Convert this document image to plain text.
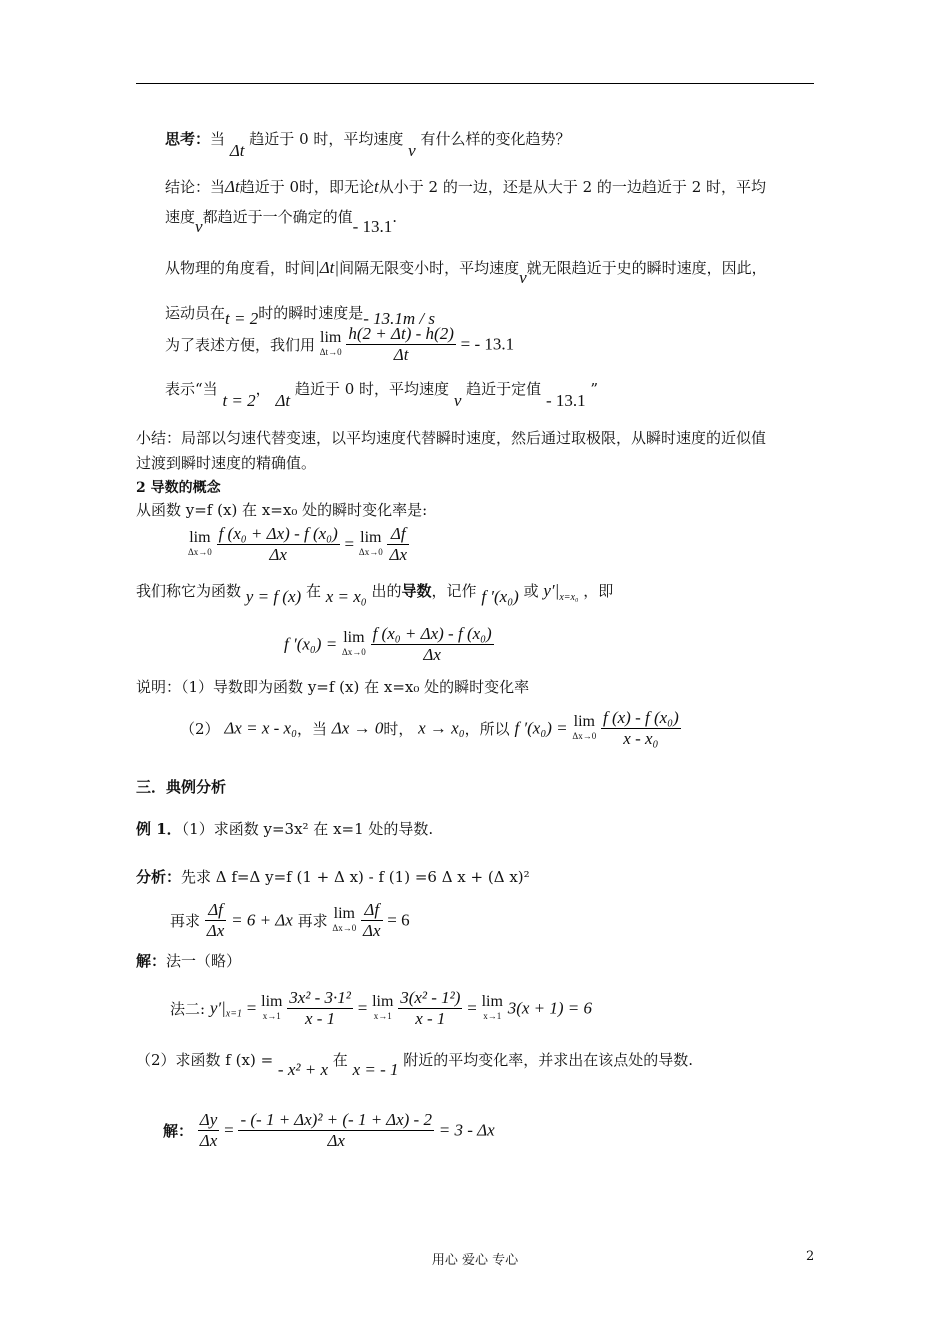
思考：当 Δt 趋近于 0 时，平均速度 v 有什么样的变化趋势？
结论：当Δt趋近于 0时，即无论t从小于 2 的一边，还是从大于 2 的一边趋近于 2 时，平均
速度v都趋近于一个确定的值- 13.1.
从物理的角度看，时间|Δt|间隔无限变小时，平均速度v就无限趋近于史的瞬时速度，因此，
运动员在t = 2时的瞬时速度是- 13.1m / s
为了表述方便，我们用 lim
Δt→0
$\frac{h(2 + \Delta t) - h(2)}{\Delta t}$ = - 13.1
表示“当 t = 2， Δt 趋近于 0 时，平均速度 v 趋近于定值 - 13.1 ”
小结：局部以匀速代替变速，以平均速度代替瞬时速度，然后通过取极限，从瞬时速度的近似值
过渡到瞬时速度的精确值。
2 导数的概念
从函数 y=f (x) 在 x=x₀ 处的瞬时变化率是:
lim
Δx→0
$\frac{\text{f (x₀ + Δx) - f (x₀)}}{\Delta x} = \lim$
Δx→0
$\frac{\Delta f}{\Delta x}$
我们称它为函数 y = f (x) 在 x = x₀ 出的导数，记作 f ′(x₀) 或 $y'|_{x=x_0}$ ，即
f ′(x₀) = lim
Δx→0
$\frac{\text{f (x₀ + Δx) - f (x₀)}}{\Delta x}$
说明：（1）导数即为函数 y=f (x) 在 x=x₀ 处的瞬时变化率
（2） Δx = x - x₀，当 Δx → 0时， x → x₀，所以 f ′(x₀) = lim
Δx→0
$\frac{\text{f (x) - f (x₀)}}{\text{x - x₀}}$
三．典例分析
例 1．（1）求函数 y=3x² 在 x=1 处的导数.
分析：先求 Δ f=Δ y=f (1 + Δ x) - f (1) =6 Δ x + (Δ x)²
再求 $\frac{\Delta f}{\Delta x} = 6 + \Delta x$ 再求 lim
Δx→0
$\frac{\Delta f}{\Delta x} = 6$
解：法一（略）
法二: $y'|_{x=1} = \lim$
x→1
$\frac{\text{3x² - 3·1²}}{x - 1} = \lim$
x→1
$\frac{\text{3(x² - 1²)}}{x - 1} = \lim$
x→1 3(x + 1) = 6
（2）求函数 f (x) = - x² + x 在 x = - 1 附近的平均变化率，并求出在该点处的导数.
解： $\frac{\Delta y}{\Delta x} = \frac{\text{- (- 1 + Δx)² + (- 1 + Δx) - 2}}{\Delta x} = 3 - \Delta x$
用心 爱心 专心	2
